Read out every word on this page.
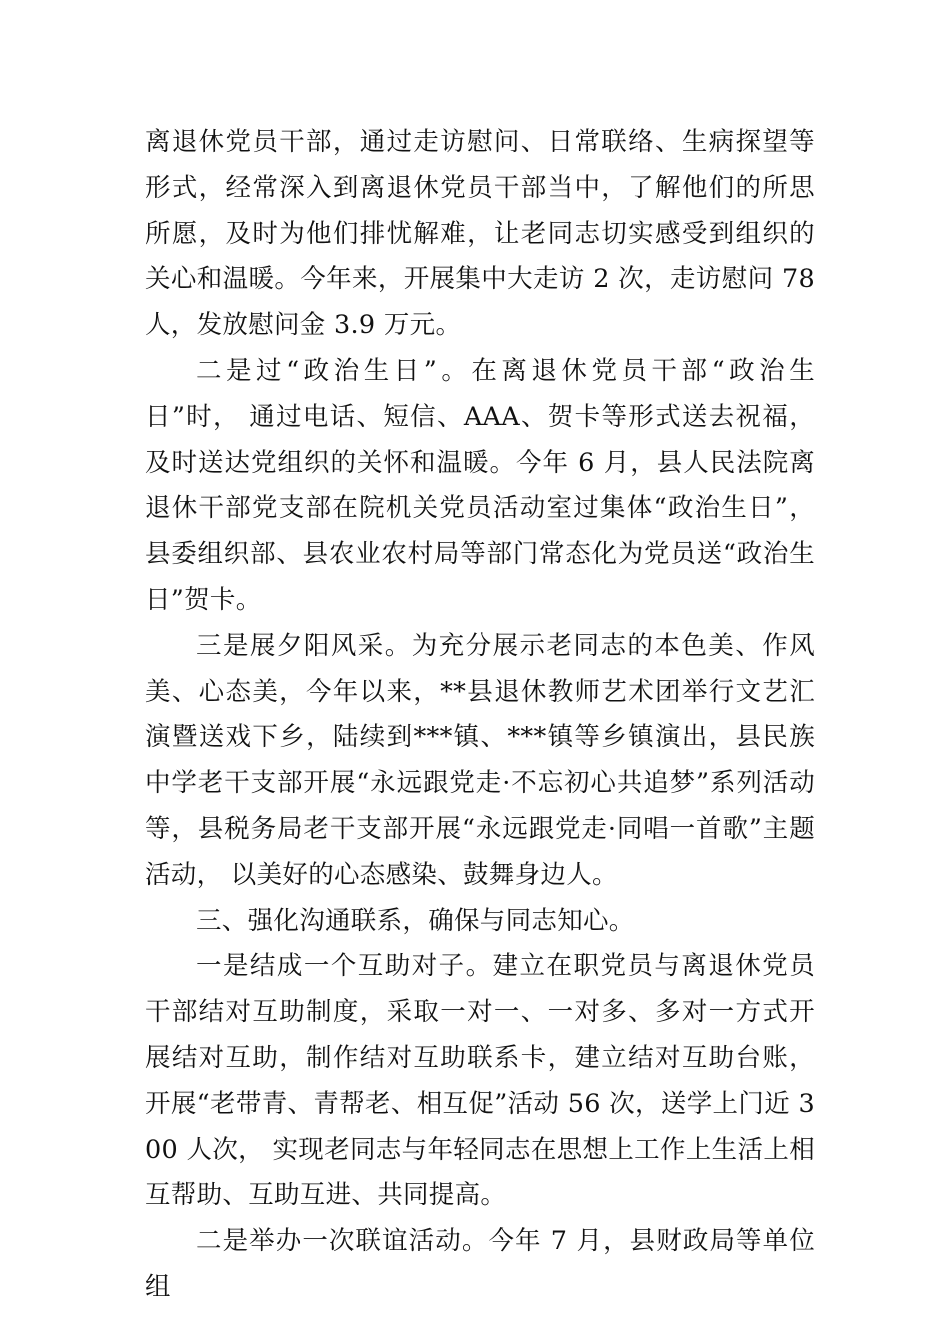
离退休党员干部，通过走访慰问、日常联络、生病探望等形式，经常深入到离退休党员干部当中，了解他们的所思所愿，及时为他们排忧解难，让老同志切实感受到组织的关心和温暖。今年来，开展集中大走访 2 次，走访慰问 78 人，发放慰问金 3.9 万元。

二是过“政治生日”。在离退休党员干部“政治生日”时， 通过电话、短信、AAA、贺卡等形式送去祝福，及时送达党组织的关怀和温暖。今年 6 月，县人民法院离退休干部党支部在院机关党员活动室过集体“政治生日”，县委组织部、县农业农村局等部门常态化为党员送“政治生日”贺卡。

三是展夕阳风采。为充分展示老同志的本色美、作风美、心态美，今年以来，**县退休教师艺术团举行文艺汇演暨送戏下乡，陆续到***镇、***镇等乡镇演出，县民族中学老干支部开展“永远跟党走·不忘初心共追梦”系列活动等，县税务局老干支部开展“永远跟党走·同唱一首歌”主题活动， 以美好的心态感染、鼓舞身边人。

三、强化沟通联系，确保与同志知心。

一是结成一个互助对子。建立在职党员与离退休党员干部结对互助制度，采取一对一、一对多、多对一方式开展结对互助，制作结对互助联系卡，建立结对互助台账，开展“老带青、青帮老、相互促”活动 56 次，送学上门近 300 人次， 实现老同志与年轻同志在思想上工作上生活上相互帮助、互助互进、共同提高。

二是举办一次联谊活动。今年 7 月，县财政局等单位组
